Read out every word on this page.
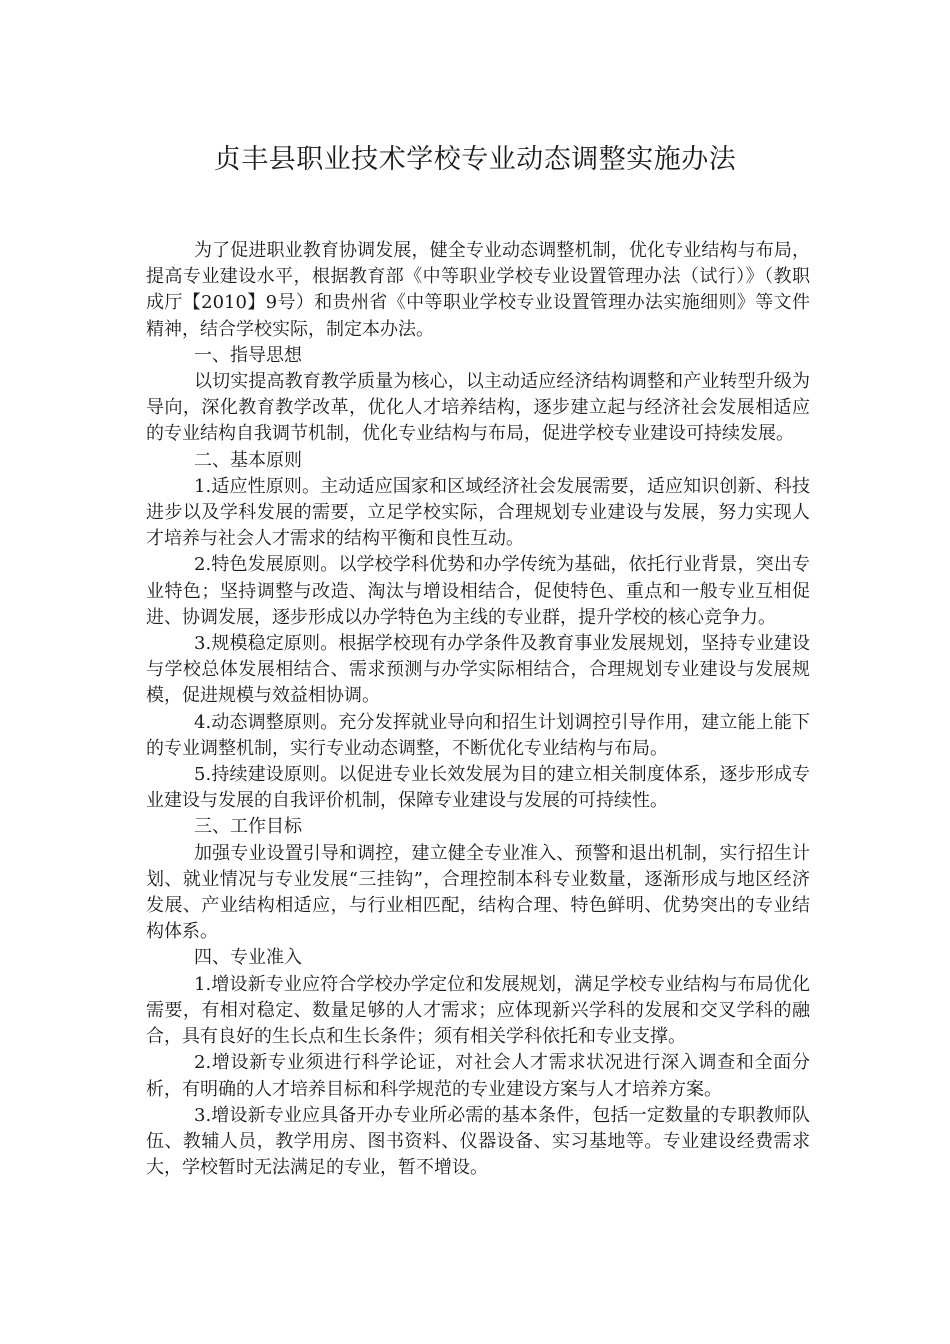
贞丰县职业技术学校专业动态调整实施办法

为了促进职业教育协调发展，健全专业动态调整机制，优化专业结构与布局，提高专业建设水平，根据教育部《中等职业学校专业设置管理办法（试行）》（教职成厅【2010】9号）和贵州省《中等职业学校专业设置管理办法实施细则》等文件精神，结合学校实际，制定本办法。

一、指导思想

以切实提高教育教学质量为核心，以主动适应经济结构调整和产业转型升级为导向，深化教育教学改革，优化人才培养结构，逐步建立起与经济社会发展相适应的专业结构自我调节机制，优化专业结构与布局，促进学校专业建设可持续发展。

二、基本原则

1.适应性原则。主动适应国家和区域经济社会发展需要，适应知识创新、科技进步以及学科发展的需要，立足学校实际，合理规划专业建设与发展，努力实现人才培养与社会人才需求的结构平衡和良性互动。

2.特色发展原则。以学校学科优势和办学传统为基础，依托行业背景，突出专业特色；坚持调整与改造、淘汰与增设相结合，促使特色、重点和一般专业互相促进、协调发展，逐步形成以办学特色为主线的专业群，提升学校的核心竞争力。

3.规模稳定原则。根据学校现有办学条件及教育事业发展规划，坚持专业建设与学校总体发展相结合、需求预测与办学实际相结合，合理规划专业建设与发展规模，促进规模与效益相协调。

4.动态调整原则。充分发挥就业导向和招生计划调控引导作用，建立能上能下的专业调整机制，实行专业动态调整，不断优化专业结构与布局。

5.持续建设原则。以促进专业长效发展为目的建立相关制度体系，逐步形成专业建设与发展的自我评价机制，保障专业建设与发展的可持续性。

三、工作目标

加强专业设置引导和调控，建立健全专业准入、预警和退出机制，实行招生计划、就业情况与专业发展“三挂钩”，合理控制本科专业数量，逐渐形成与地区经济发展、产业结构相适应，与行业相匹配，结构合理、特色鲜明、优势突出的专业结构体系。

四、专业准入

1.增设新专业应符合学校办学定位和发展规划，满足学校专业结构与布局优化需要，有相对稳定、数量足够的人才需求；应体现新兴学科的发展和交叉学科的融合，具有良好的生长点和生长条件；须有相关学科依托和专业支撑。

2.增设新专业须进行科学论证，对社会人才需求状况进行深入调查和全面分析，有明确的人才培养目标和科学规范的专业建设方案与人才培养方案。

3.增设新专业应具备开办专业所必需的基本条件，包括一定数量的专职教师队伍、教辅人员，教学用房、图书资料、仪器设备、实习基地等。专业建设经费需求大，学校暂时无法满足的专业，暂不增设。
